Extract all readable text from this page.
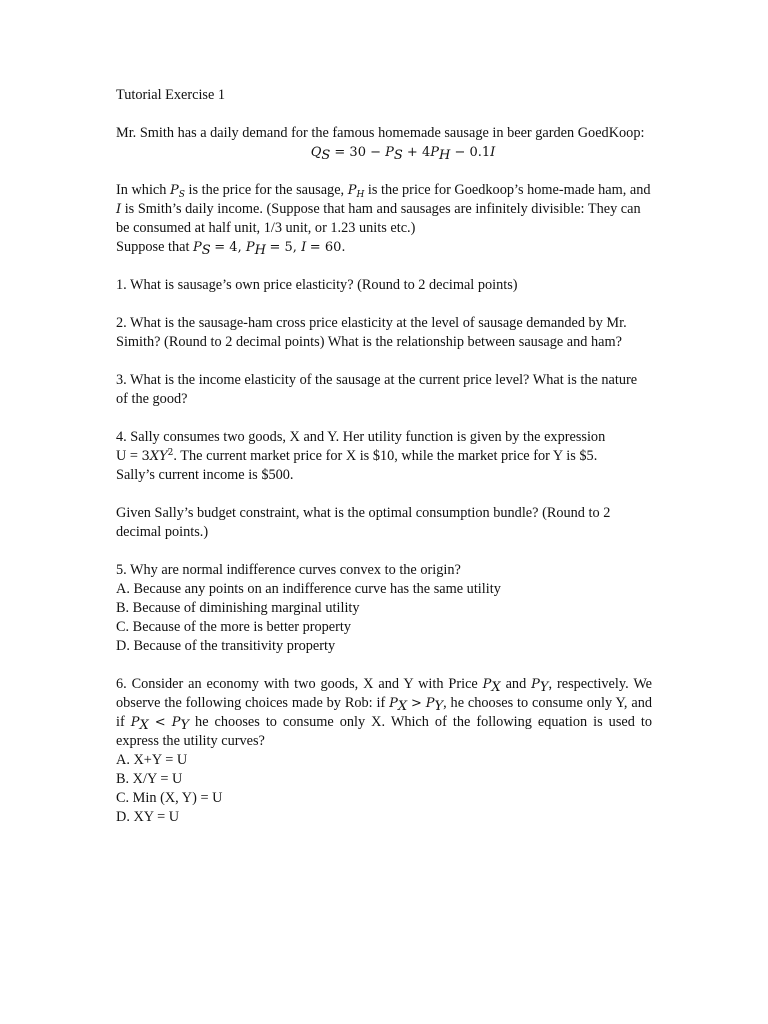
Tutorial Exercise 1

Mr. Smith has a daily demand for the famous homemade sausage in beer garden GoedKoop:
$Q_S = 30 - P_S + 4P_H - 0.1I$
In which $P_S$ is the price for the sausage, $P_H$ is the price for Goedkoop’s home-made ham, and I is Smith’s daily income. (Suppose that ham and sausages are infinitely divisible: They can be consumed at half unit, 1/3 unit, or 1.23 units etc.)
Suppose that $P_S = 4$, $P_H = 5$, I = 60.

1. What is sausage’s own price elasticity? (Round to 2 decimal points)

2. What is the sausage-ham cross price elasticity at the level of sausage demanded by Mr. Simith? (Round to 2 decimal points) What is the relationship between sausage and ham?

3. What is the income elasticity of the sausage at the current price level? What is the nature of the good?

4. Sally consumes two goods, X and Y. Her utility function is given by the expression
$U = 3XY^2$. The current market price for X is $10, while the market price for Y is $5.
Sally’s current income is $500.

Given Sally’s budget constraint, what is the optimal consumption bundle? (Round to 2 decimal points.)

5. Why are normal indifference curves convex to the origin?
A. Because any points on an indifference curve has the same utility
B. Because of diminishing marginal utility
C. Because of the more is better property
D. Because of the transitivity property
6. Consider an economy with two goods, X and Y with Price $P_X$ and $P_Y$, respectively. We observe the following choices made by Rob: if $P_X > P_Y$, he chooses to consume only Y, and if $P_X < P_Y$ he chooses to consume only X. Which of the following equation is used to express the utility curves?
A. X+Y = U
B. X/Y = U
C. Min (X, Y) = U
D. XY = U
